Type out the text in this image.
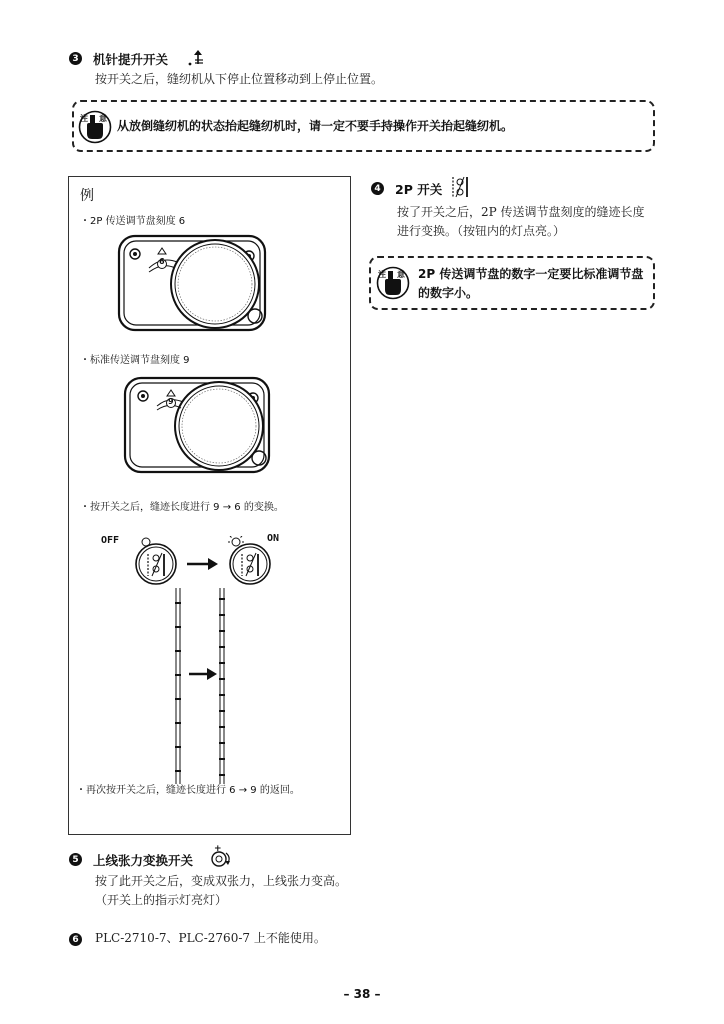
3 机针提升开关
按开关之后，缝纫机从下停止位置移动到上停止位置。
注 意
从放倒缝纫机的状态抬起缝纫机时，请一定不要手持操作开关抬起缝纫机。
例
・2P 传送调节盘刻度 6
6
・标准传送调节盘刻度 9
9
・按开关之后，缝迹长度进行 9 → 6 的变换。
OFF	ON
・再次按开关之后，缝迹长度进行 6 → 9 的返回。
4 2P 开关
按了开关之后，2P 传送调节盘刻度的缝迹长度
进行变换。（按钮内的灯点亮。）
注 意 2P 传送调节盘的数字一定要比标准调节盘
的数字小。
5 上线张力变换开关
+
按了此开关之后，变成双张力，上线张力变高。
（开关上的指示灯亮灯）
6 PLC-2710-7、PLC-2760-7 上不能使用。
– 38 –
